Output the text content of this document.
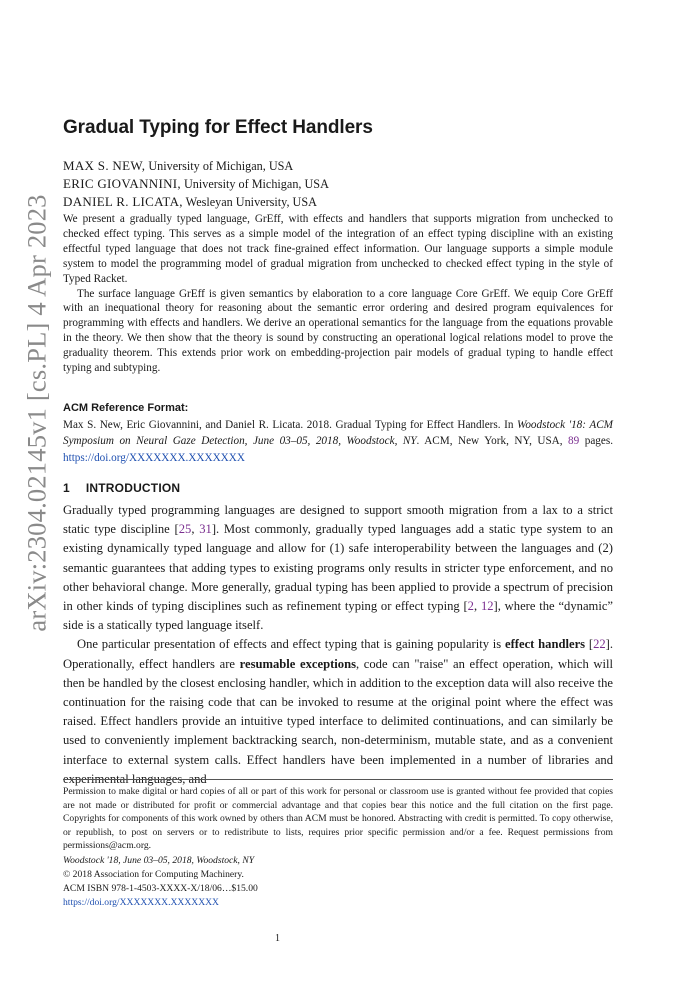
arXiv:2304.02145v1 [cs.PL] 4 Apr 2023
Gradual Typing for Effect Handlers
MAX S. NEW, University of Michigan, USA
ERIC GIOVANNINI, University of Michigan, USA
DANIEL R. LICATA, Wesleyan University, USA

We present a gradually typed language, GrEff, with effects and handlers that supports migration from unchecked to checked effect typing. This serves as a simple model of the integration of an effect typing discipline with an existing effectful typed language that does not track fine-grained effect information. Our language supports a simple module system to model the programming model of gradual migration from unchecked to checked effect typing in the style of Typed Racket.

The surface language GrEff is given semantics by elaboration to a core language Core GrEff. We equip Core GrEff with an inequational theory for reasoning about the semantic error ordering and desired program equivalences for programming with effects and handlers. We derive an operational semantics for the language from the equations provable in the theory. We then show that the theory is sound by constructing an operational logical relations model to prove the graduality theorem. This extends prior work on embedding-projection pair models of gradual typing to handle effect typing and subtyping.

ACM Reference Format:

Max S. New, Eric Giovannini, and Daniel R. Licata. 2018. Gradual Typing for Effect Handlers. In Woodstock '18: ACM Symposium on Neural Gaze Detection, June 03–05, 2018, Woodstock, NY. ACM, New York, NY, USA, 89 pages. https://doi.org/XXXXXXX.XXXXXXX

1 INTRODUCTION

Gradually typed programming languages are designed to support smooth migration from a lax to a strict static type discipline [25, 31]. Most commonly, gradually typed languages add a static type system to an existing dynamically typed language and allow for (1) safe interoperability between the languages and (2) semantic guarantees that adding types to existing programs only results in stricter type enforcement, and no other behavioral change. More generally, gradual typing has been applied to provide a spectrum of precision in other kinds of typing disciplines such as refinement typing or effect typing [2, 12], where the “dynamic” side is a statically typed language itself.

One particular presentation of effects and effect typing that is gaining popularity is effect handlers [22]. Operationally, effect handlers are resumable exceptions, code can "raise" an effect operation, which will then be handled by the closest enclosing handler, which in addition to the exception data will also receive the continuation for the raising code that can be invoked to resume at the original point where the effect was raised. Effect handlers provide an intuitive typed interface to delimited continuations, and can similarly be used to conveniently implement backtracking search, non-determinism, mutable state, and as a convenient interface to external system calls. Effect handlers have been implemented in a number of libraries and experimental languages, and

Permission to make digital or hard copies of all or part of this work for personal or classroom use is granted without fee provided that copies are not made or distributed for profit or commercial advantage and that copies bear this notice and the full citation on the first page. Copyrights for components of this work owned by others than ACM must be honored. Abstracting with credit is permitted. To copy otherwise, or republish, to post on servers or to redistribute to lists, requires prior specific permission and/or a fee. Request permissions from permissions@acm.org.

Woodstock '18, June 03–05, 2018, Woodstock, NY
© 2018 Association for Computing Machinery.
ACM ISBN 978-1-4503-XXXX-X/18/06…$15.00
https://doi.org/XXXXXXX.XXXXXXX
1
